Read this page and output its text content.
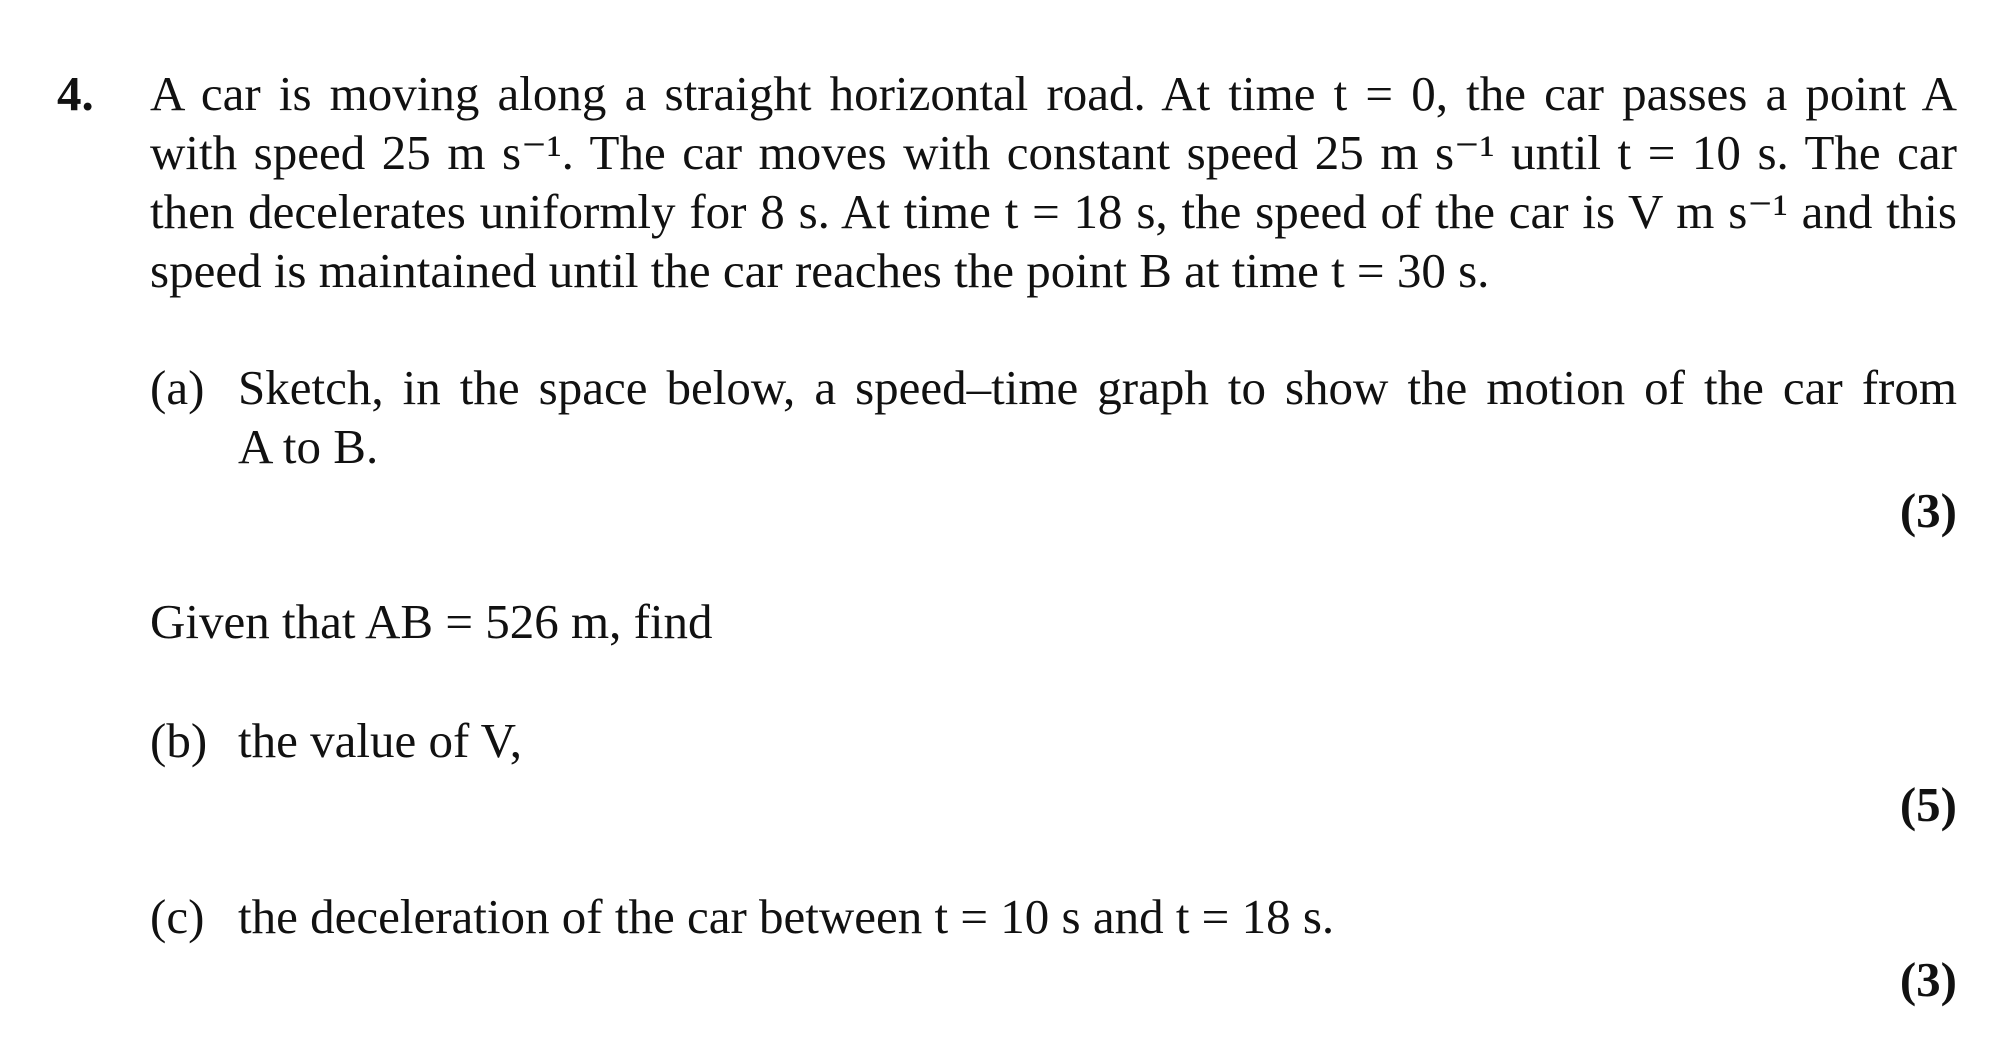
4. A car is moving along a straight horizontal road. At time t = 0, the car passes a point A
with speed 25 m s⁻¹. The car moves with constant speed 25 m s⁻¹ until t = 10 s. The car
then decelerates uniformly for 8 s. At time t = 18 s, the speed of the car is V m s⁻¹ and this
speed is maintained until the car reaches the point B at time t = 30 s.
(a) Sketch, in the space below, a speed–time graph to show the motion of the car from
A to B.
(3)
Given that AB = 526 m, find
(b) the value of V,
(5)
(c) the deceleration of the car between t = 10 s and t = 18 s.
(3)
